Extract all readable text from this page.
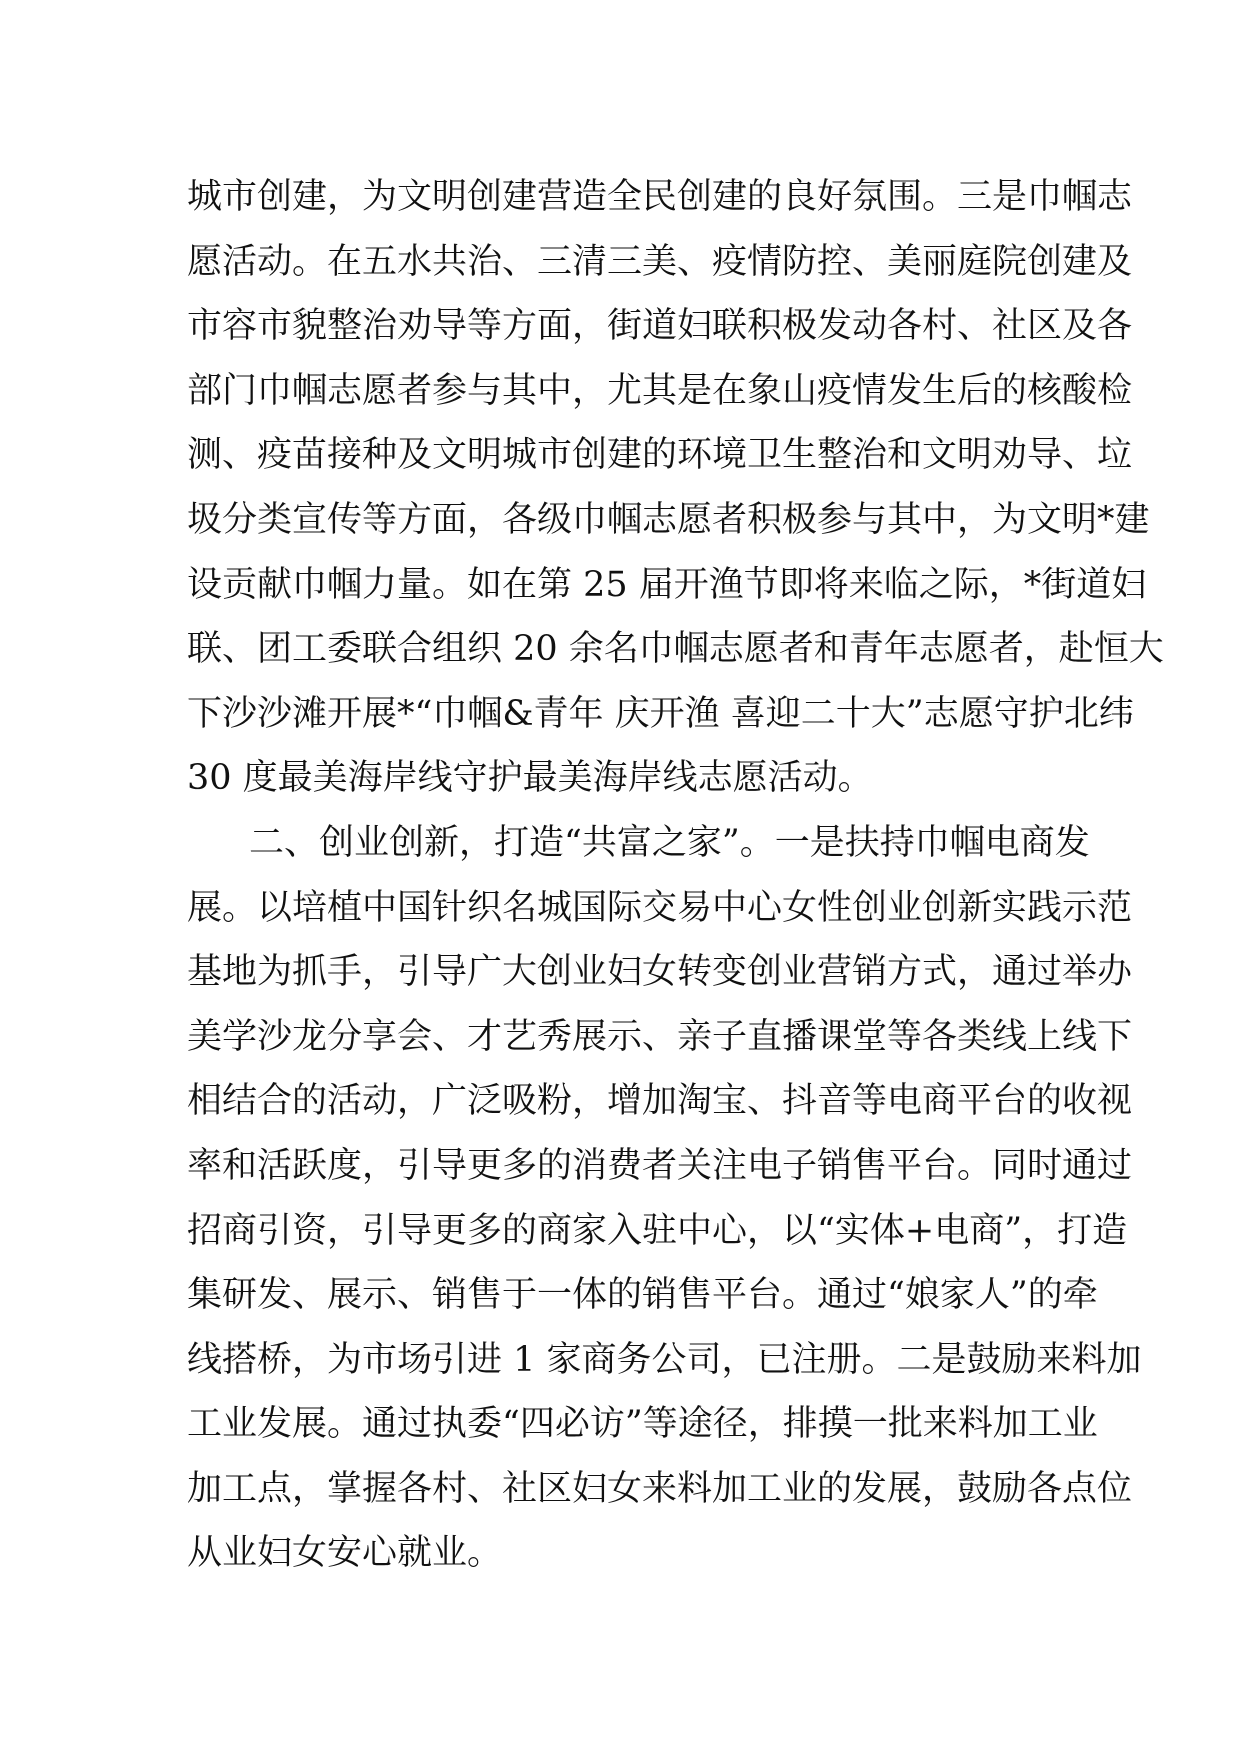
城市创建，为文明创建营造全民创建的良好氛围。三是巾帼志
愿活动。在五水共治、三清三美、疫情防控、美丽庭院创建及
市容市貌整治劝导等方面，街道妇联积极发动各村、社区及各
部门巾帼志愿者参与其中，尤其是在象山疫情发生后的核酸检
测、疫苗接种及文明城市创建的环境卫生整治和文明劝导、垃
圾分类宣传等方面，各级巾帼志愿者积极参与其中，为文明*建
设贡献巾帼力量。如在第 25 届开渔节即将来临之际，*街道妇
联、团工委联合组织 20 余名巾帼志愿者和青年志愿者，赴恒大
下沙沙滩开展*“巾帼&青年 庆开渔 喜迎二十大”志愿守护北纬
30 度最美海岸线守护最美海岸线志愿活动。
二、创业创新，打造“共富之家”。一是扶持巾帼电商发
展。以培植中国针织名城国际交易中心女性创业创新实践示范
基地为抓手，引导广大创业妇女转变创业营销方式，通过举办
美学沙龙分享会、才艺秀展示、亲子直播课堂等各类线上线下
相结合的活动，广泛吸粉，增加淘宝、抖音等电商平台的收视
率和活跃度，引导更多的消费者关注电子销售平台。同时通过
招商引资，引导更多的商家入驻中心，以“实体+电商”，打造
集研发、展示、销售于一体的销售平台。通过“娘家人”的牵
线搭桥，为市场引进 1 家商务公司，已注册。二是鼓励来料加
工业发展。通过执委“四必访”等途径，排摸一批来料加工业
加工点，掌握各村、社区妇女来料加工业的发展，鼓励各点位
从业妇女安心就业。
